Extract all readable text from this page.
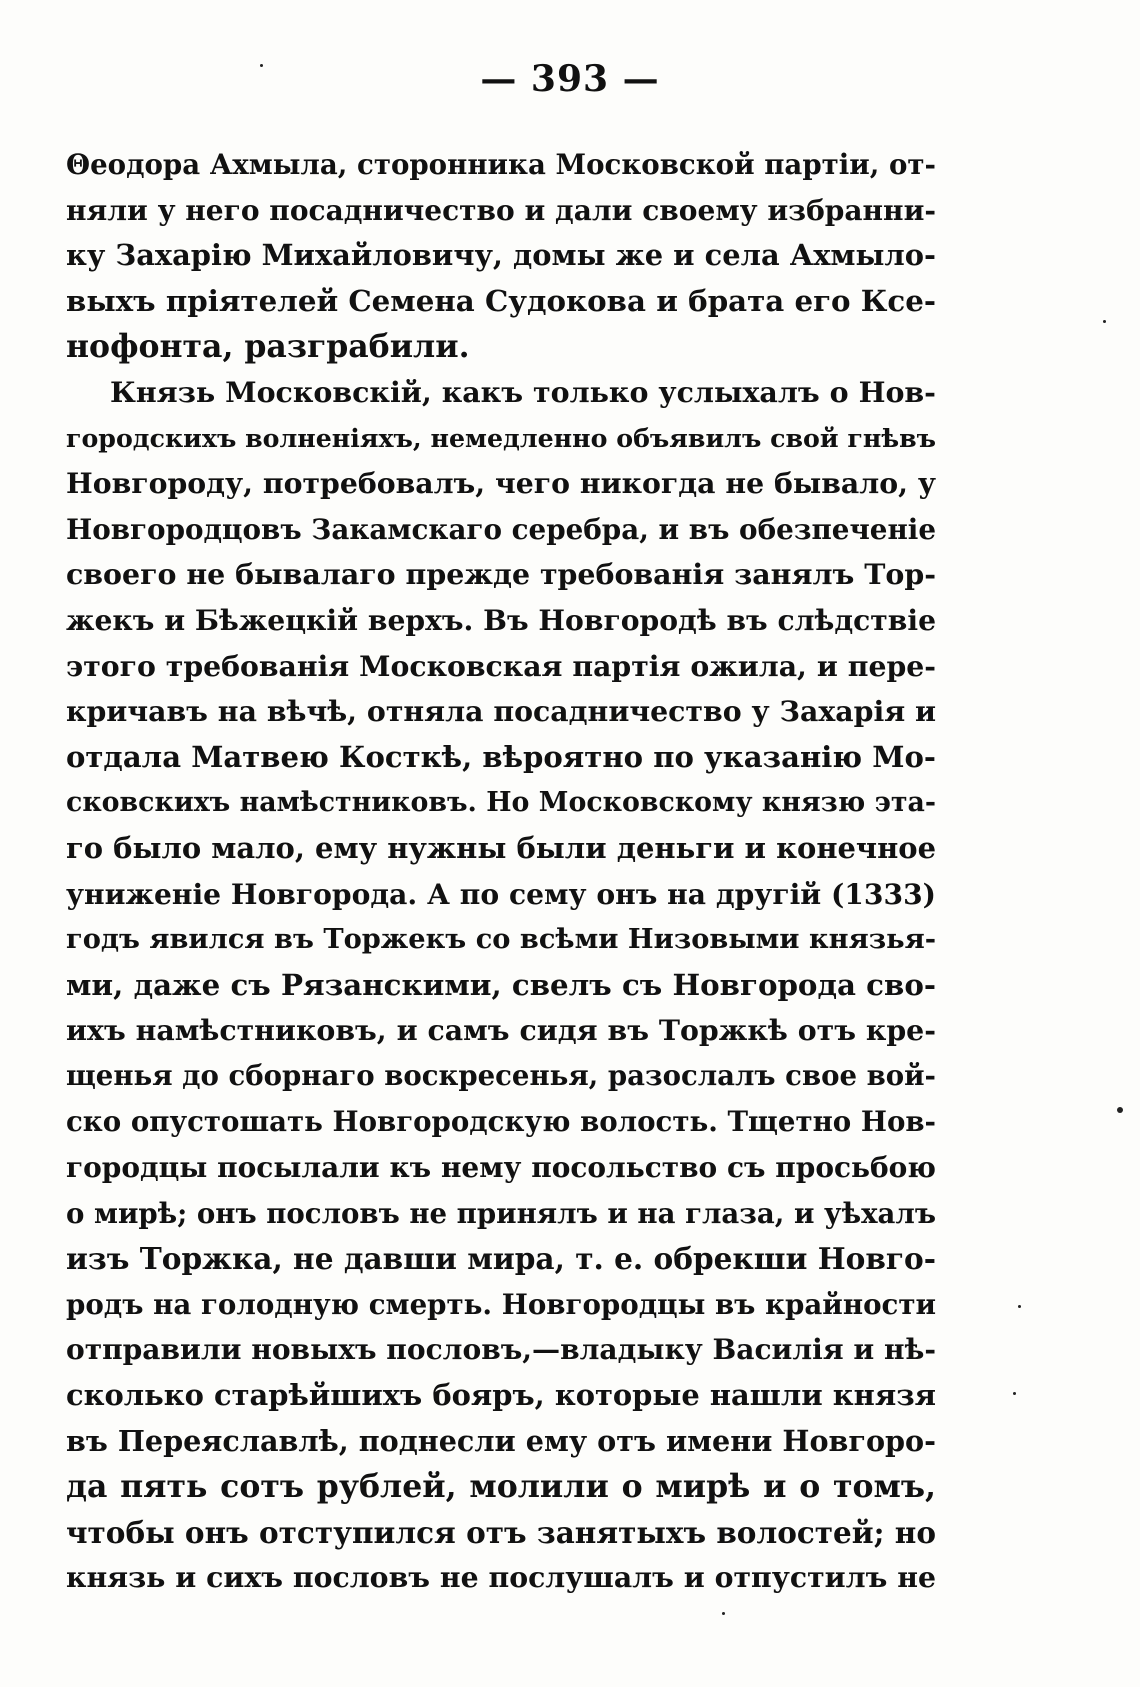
— 393 —
Θеодора Ахмыла, сторонника Московской партіи, от-
няли у него посадничество и дали своему избранни-
ку Захарію Михайловичу, домы же и села Ахмыло-
выхъ пріятелей Семена Судокова и брата его Ксе-
нофонта, разграбили.
Князь Московскій, какъ только услыхалъ о Нов-
городскихъ волненіяхъ, немедленно объявилъ свой гнѣвъ
Новгороду, потребовалъ, чего никогда не бывало, у
Новгородцовъ Закамскаго серебра, и въ обезпеченіе
своего не бывалаго прежде требованія занялъ Тор-
жекъ и Бѣжецкій верхъ. Въ Новгородѣ въ слѣдствіе
этого требованія Московская партія ожила, и пере-
кричавъ на вѣчѣ, отняла посадничество у Захарія и
отдала Матвею Косткѣ, вѣроятно по указанію Мо-
сковскихъ намѣстниковъ. Но Московскому князю эта-
го было мало, ему нужны были деньги и конечное
униженіе Новгорода. А по сему онъ на другій (1333)
годъ явился въ Торжекъ со всѣми Низовыми князья-
ми, даже съ Рязанскими, свелъ съ Новгорода сво-
ихъ намѣстниковъ, и самъ сидя въ Торжкѣ отъ кре-
щенья до сборнаго воскресенья, разослалъ свое вой-
ско опустошать Новгородскую волость. Тщетно Нов-
городцы посылали къ нему посольство съ просьбою
о мирѣ; онъ пословъ не принялъ и на глаза, и уѣхалъ
изъ Торжка, не давши мира, т. е. обрекши Новго-
родъ на голодную смерть. Новгородцы въ крайности
отправили новыхъ пословъ,—владыку Василія и нѣ-
сколько старѣйшихъ бояръ, которые нашли князя
въ Переяславлѣ, поднесли ему отъ имени Новгоро-
да пять сотъ рублей, молили о мирѣ и о томъ,
чтобы онъ отступился отъ занятыхъ волостей; но
князь и сихъ пословъ не послушалъ и отпустилъ не
